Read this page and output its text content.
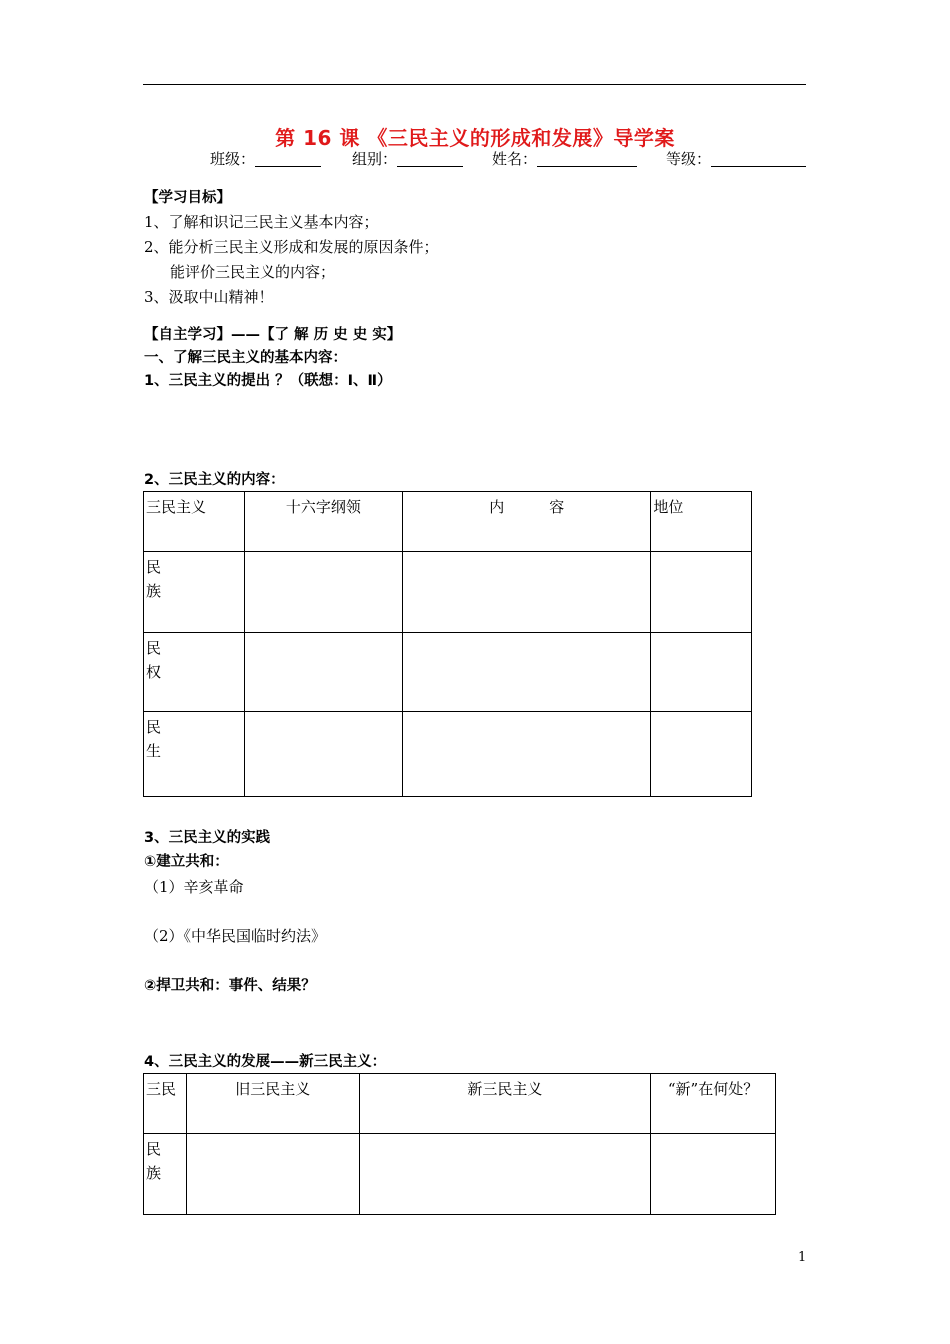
第 16 课 《三民主义的形成和发展》导学案
班级：	组别：	姓名：	等级：
【学习目标】
1、了解和识记三民主义基本内容；
2、能分析三民主义形成和发展的原因条件；
能评价三民主义的内容；
3、汲取中山精神！
【自主学习】——【了 解 历 史 史 实】
一、了解三民主义的基本内容：
1、三民主义的提出 ？（联想：Ⅰ、Ⅱ）
2、三民主义的内容：
三民主义	十六字纲领	内　　　容	地位

民
族			

民
权			

民
生			

3、三民主义的实践
①建立共和：
（1）辛亥革命
（2）《中华民国临时约法》
②捍卫共和：事件、结果？
4、三民主义的发展——新三民主义：
三民	旧三民主义	新三民主义	“新”在何处？

民
族			

1
